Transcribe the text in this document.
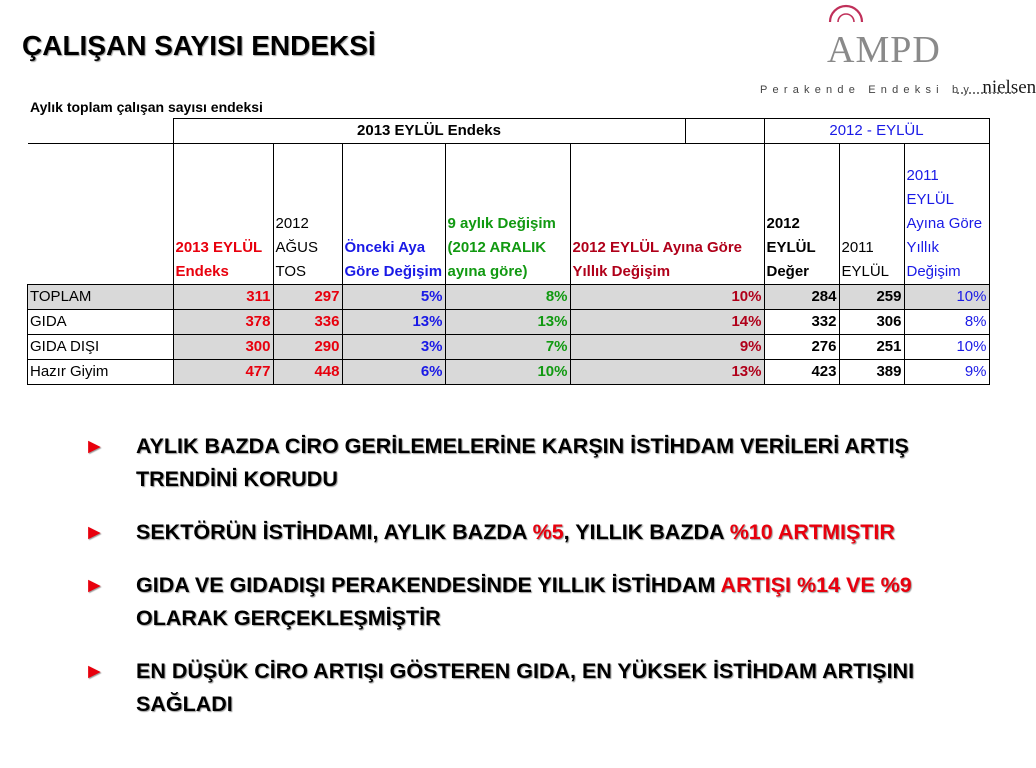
ÇALIŞAN SAYISI ENDEKSİ	AMPD
Perakende Endeksi by nielsen
Aylık toplam çalışan sayısı endeksi
	2013 EYLÜL Endeks						2012 - EYLÜL		
	2013 EYLÜL Endeks	2012 AĞUS TOS	Önceki Aya Göre Değişim	9 aylık Değişim (2012 ARALIK ayına göre)	2012 EYLÜL Ayına Göre Yıllık Değişim		2012 EYLÜL Değer	2011 EYLÜL	2011 EYLÜL Ayına Göre Yıllık Değişim
TOPLAM	311	297	5%	8%	10%		284	259	10%
GIDA	378	336	13%	13%	14%		332	306	8%
GIDA DIŞI	300	290	3%	7%	9%		276	251	10%
Hazır Giyim	477	448	6%	10%	13%		423	389	9%
► AYLIK BAZDA CİRO GERİLEMELERİNE KARŞIN İSTİHDAM VERİLERİ ARTIŞ TRENDİNİ KORUDU
► SEKTÖRÜN İSTİHDAMI, AYLIK BAZDA %5, YILLIK BAZDA %10 ARTMIŞTIR
► GIDA VE GIDADIŞI PERAKENDESİNDE YILLIK İSTİHDAM ARTIŞI %14 VE %9 OLARAK GERÇEKLEŞMİŞTİR
► EN DÜŞÜK CİRO ARTIŞI GÖSTEREN GIDA, EN YÜKSEK İSTİHDAM ARTIŞINI SAĞLADI
